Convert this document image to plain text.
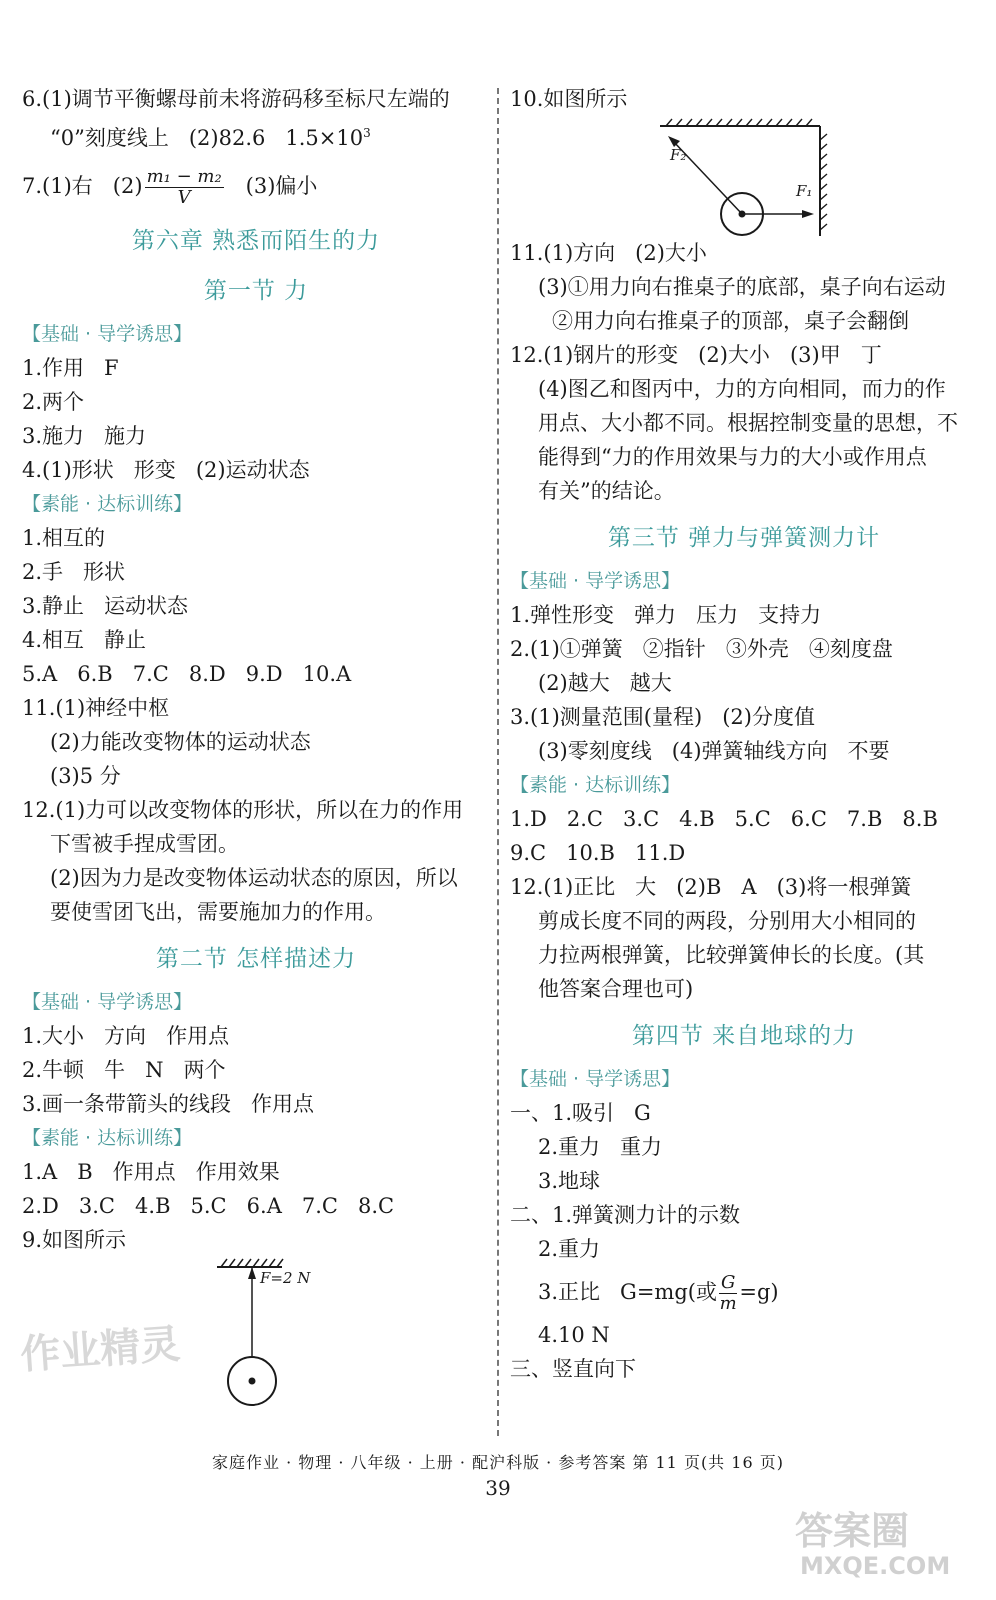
6.(1)调节平衡螺母前未将游码移至标尺左端的
“0”刻度线上   (2)82.6   $1.5\times 10^3$
7.(1)右   $(2) \frac{\text{m₁ − m₂}}{V} (3)$偏小
第六章 熟悉而陌生的力
第一节 力
【基础 · 导学诱思】
1.作用   F
2.两个
3.施力   施力
4.(1)形状   形变   (2)运动状态
【素能 · 达标训练】
1.相互的
2.手   形状
3.静止   运动状态
4.相互   静止
5.A   6.B   7.C   8.D   9.D   10.A
11.(1)神经中枢
(2)力能改变物体的运动状态
(3)5 分
12.(1)力可以改变物体的形状，所以在力的作用
下雪被手捏成雪团。
(2)因为力是改变物体运动状态的原因，所以
要使雪团飞出，需要施加力的作用。
第二节 怎样描述力
【基础 · 导学诱思】
1.大小   方向   作用点
2.牛顿   牛   N   两个
3.画一条带箭头的线段   作用点
【素能 · 达标训练】
1.A   B   作用点   作用效果
2.D   3.C   4.B   5.C   6.A   7.C   8.C
9.如图所示
F=2 N
10.如图所示
F₂
F₁
11.(1)方向   (2)大小
(3)①用力向右推桌子的底部，桌子向右运动
②用力向右推桌子的顶部，桌子会翻倒
12.(1)钢片的形变   (2)大小   (3)甲   丁
(4)图乙和图丙中，力的方向相同，而力的作
用点、大小都不同。根据控制变量的思想，不
能得到“力的作用效果与力的大小或作用点
有关”的结论。
第三节 弹力与弹簧测力计
【基础 · 导学诱思】
1.弹性形变   弹力   压力   支持力
2.(1)①弹簧   ②指针   ③外壳   ④刻度盘
(2)越大   越大
3.(1)测量范围(量程)   (2)分度值
(3)零刻度线   (4)弹簧轴线方向   不要
【素能 · 达标训练】
1.D   2.C   3.C   4.B   5.C   6.C   7.B   8.B
9.C   10.B   11.D
12.(1)正比   大   (2)B   A   (3)将一根弹簧
剪成长度不同的两段，分别用大小相同的
力拉两根弹簧，比较弹簧伸长的长度。(其
他答案合理也可)
第四节 来自地球的力
【基础 · 导学诱思】
一、1.吸引   G
2.重力   重力
3.地球
二、1.弹簧测力计的示数
2.重力
3.正比   G=mg(或 $\frac{G}{m} =g$)
4.10 N
三、竖直向下
家庭作业 · 物理 · 八年级 · 上册 · 配沪科版 · 参考答案 第 11 页(共 16 页)
39
作业精灵
答案圈
MXQE.COM
